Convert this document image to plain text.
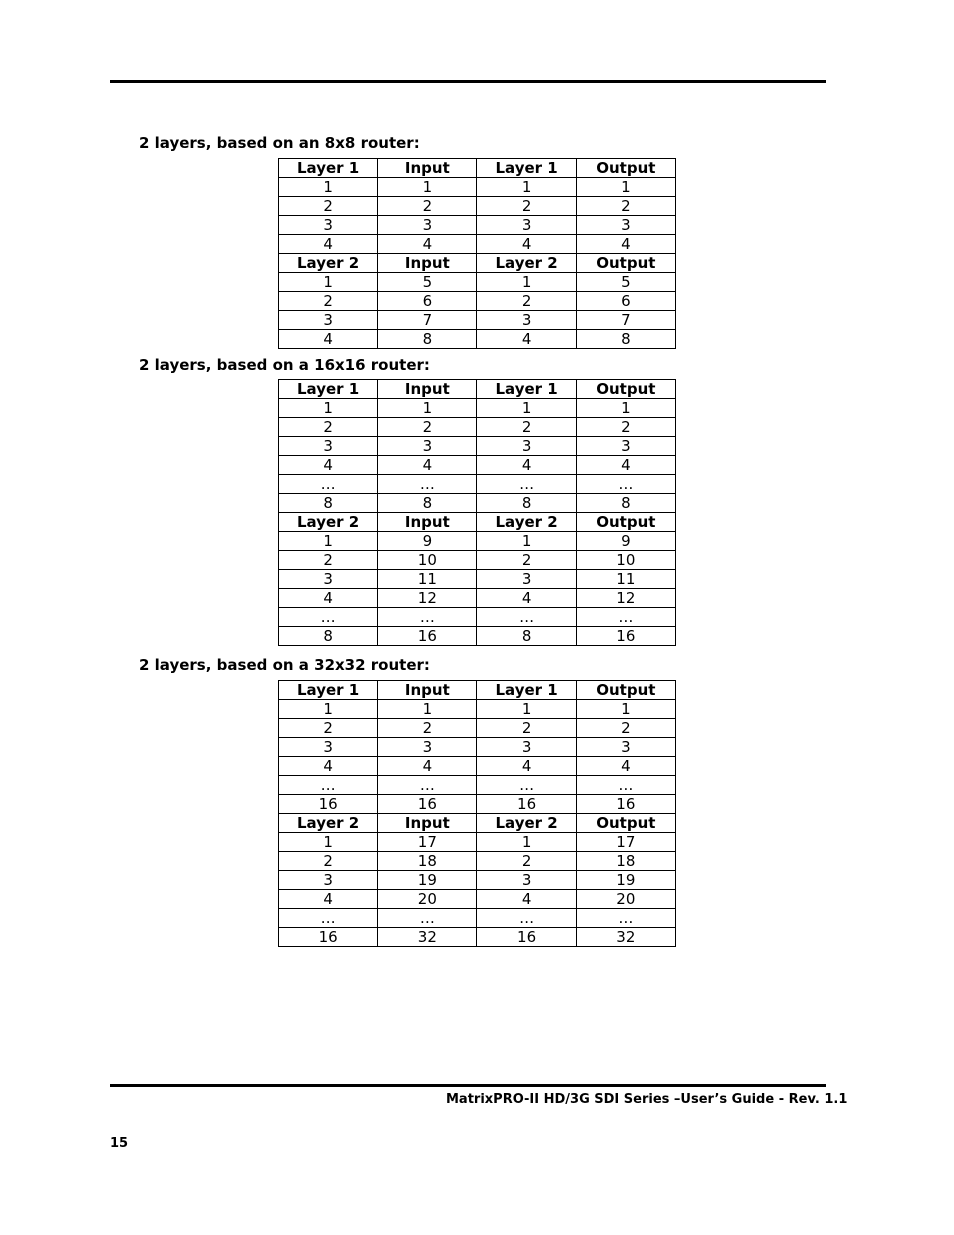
2 layers, based on an 8x8 router:
Layer 1	Input	Layer 1	Output
1	1	1	1
2	2	2	2
3	3	3	3
4	4	4	4
Layer 2	Input	Layer 2	Output
1	5	1	5
2	6	2	6
3	7	3	7
4	8	4	8
2 layers, based on a 16x16 router:
Layer 1	Input	Layer 1	Output
1	1	1	1
2	2	2	2
3	3	3	3
4	4	4	4
…	…	…	…
8	8	8	8
Layer 2	Input	Layer 2	Output
1	9	1	9
2	10	2	10
3	11	3	11
4	12	4	12
…	…	…	…
8	16	8	16
2 layers, based on a 32x32 router:
Layer 1	Input	Layer 1	Output
1	1	1	1
2	2	2	2
3	3	3	3
4	4	4	4
…	…	…	…
16	16	16	16
Layer 2	Input	Layer 2	Output
1	17	1	17
2	18	2	18
3	19	3	19
4	20	4	20
…	…	…	…
16	32	16	32
MatrixPRO-II HD/3G SDI Series –User’s Guide - Rev. 1.1
15
